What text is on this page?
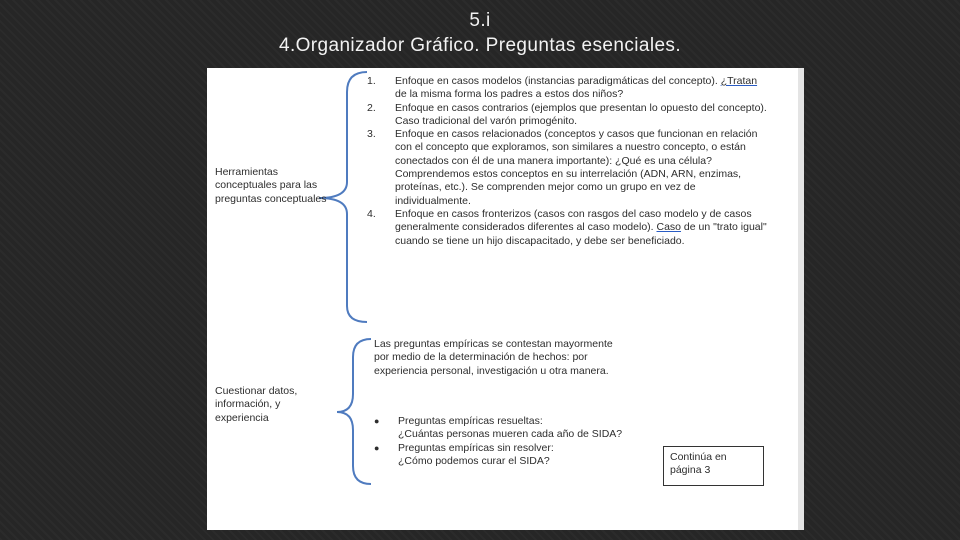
5.i
4.Organizador Gráfico. Preguntas esenciales.
Herramientas conceptuales para las preguntas conceptuales
1.	Enfoque en casos modelos (instancias paradigmáticas del concepto). ¿Tratan de la misma forma los padres a estos dos niños?
2.	Enfoque en casos contrarios (ejemplos que presentan lo opuesto del concepto). Caso tradicional del varón primogénito.
3.	Enfoque en casos relacionados (conceptos y casos que funcionan en relación con el concepto que exploramos, son similares a nuestro concepto, o están conectados con él de una manera importante): ¿Qué es una célula? Comprendemos estos conceptos en su interrelación (ADN, ARN, enzimas, proteínas, etc.). Se comprenden mejor como un grupo en vez de individualmente.
4.	Enfoque en casos fronterizos (casos con rasgos del caso modelo y de casos generalmente considerados diferentes al caso modelo). Caso de un "trato igual" cuando se tiene un hijo discapacitado, y debe ser beneficiado.
Cuestionar datos, información, y experiencia
Las preguntas empíricas se contestan mayormente por medio de la determinación de hechos: por experiencia personal, investigación u otra manera.
●	Preguntas empíricas resueltas:
¿Cuántas personas mueren cada año de SIDA?
●	Preguntas empíricas sin resolver:
¿Cómo podemos curar el SIDA?	Continúa en página 3
